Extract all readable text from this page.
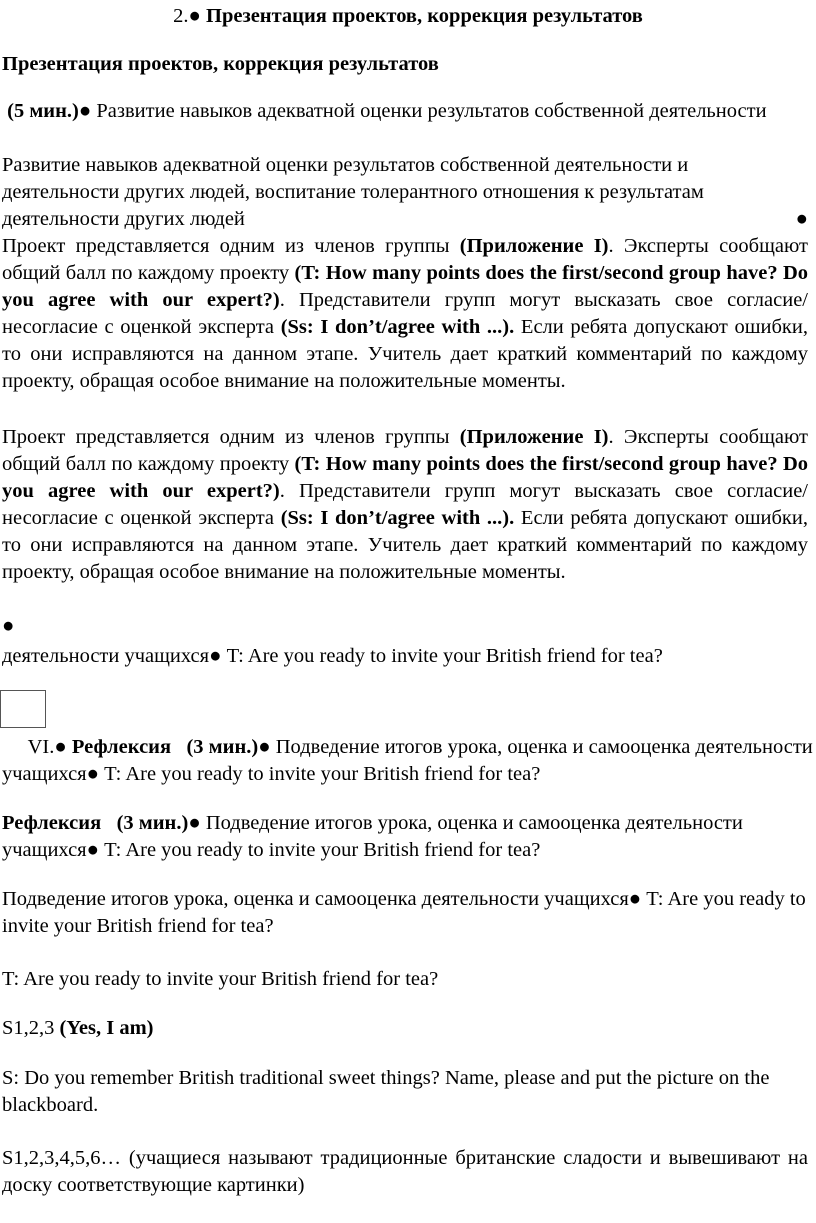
2.● Презентация проектов, коррекция результатов

Презентация проектов, коррекция результатов

(5 мин.)● Развитие навыков адекватной оценки результатов собственной деятельности

Развитие навыков адекватной оценки результатов собственной деятельности и деятельности других людей, воспитание толерантного отношения к результатам деятельности других людей	● Проект представляется одним из членов группы (Приложение I). Эксперты сообщают общий балл по каждому проекту (T: How many points does the first/second group have? Do you agree with our expert?). Представители групп могут высказать свое согласие/несогласие с оценкой эксперта (Ss: I don’t/agree with ...). Если ребята допускают ошибки, то они исправляются на данном этапе. Учитель дает краткий комментарий по каждому проекту, обращая особое внимание на положительные моменты.

Проект представляется одним из членов группы (Приложение I). Эксперты сообщают общий балл по каждому проекту (T: How many points does the first/second group have? Do you agree with our expert?). Представители групп могут высказать свое согласие/несогласие с оценкой эксперта (Ss: I don’t/agree with ...). Если ребята допускают ошибки, то они исправляются на данном этапе. Учитель дает краткий комментарий по каждому проекту, обращая особое внимание на положительные моменты.

●

деятельности учащихся● T: Are you ready to invite your British friend for tea?

VI.● Рефлексия (3 мин.)● Подведение итогов урока, оценка и самооценка деятельности учащихся● T: Are you ready to invite your British friend for tea?

Рефлексия (3 мин.)● Подведение итогов урока, оценка и самооценка деятельности учащихся● T: Are you ready to invite your British friend for tea?

Подведение итогов урока, оценка и самооценка деятельности учащихся● T: Are you ready to invite your British friend for tea?

T: Are you ready to invite your British friend for tea?

S1,2,3 (Yes, I am)

S: Do you remember British traditional sweet things? Name, please and put the picture on the blackboard.

S1,2,3,4,5,6… (учащиеся называют традиционные британские сладости и вывешивают на доску соответствующие картинки)
